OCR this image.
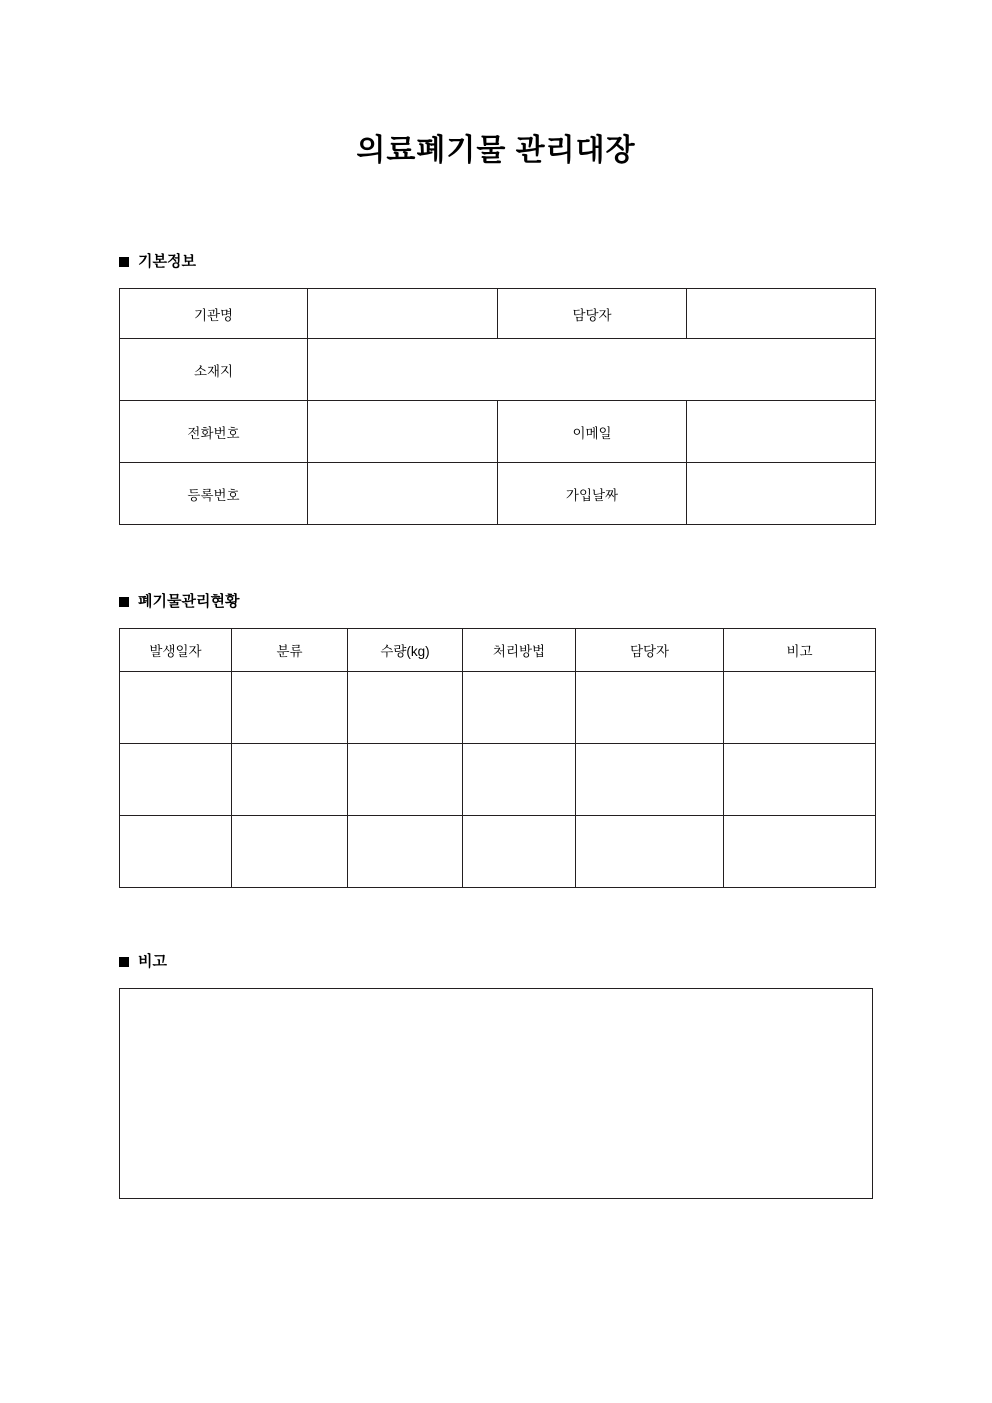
의료폐기물 관리대장
기본정보
기관명		담당자	
소재지			
전화번호		이메일	
등록번호		가입날짜	
폐기물관리현황
발생일자	분류	수량(kg)	처리방법	담당자	비고

비고
